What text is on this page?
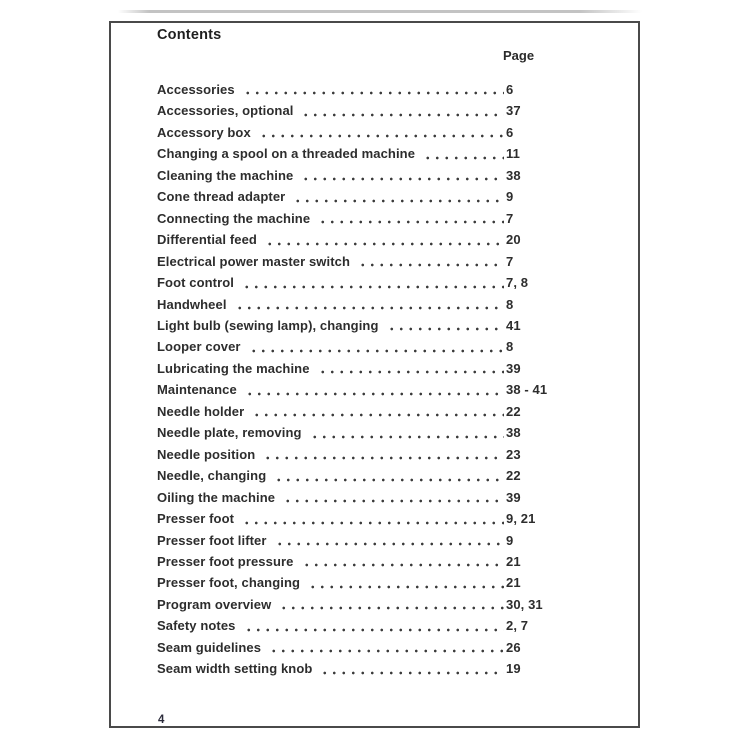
Contents
Page
Accessories	6
Accessories, optional	37
Accessory box	6
Changing a spool on a threaded machine	11
Cleaning the machine	38
Cone thread adapter	9
Connecting the machine	7
Differential feed	20
Electrical power master switch	7
Foot control	7, 8
Handwheel	8
Light bulb (sewing lamp), changing	41
Looper cover	8
Lubricating the machine	39
Maintenance	38 - 41
Needle holder	22
Needle plate, removing	38
Needle position	23
Needle, changing	22
Oiling the machine	39
Presser foot	9, 21
Presser foot lifter	9
Presser foot pressure	21
Presser foot, changing	21
Program overview	30, 31
Safety notes	2, 7
Seam guidelines	26
Seam width setting knob	19
4
